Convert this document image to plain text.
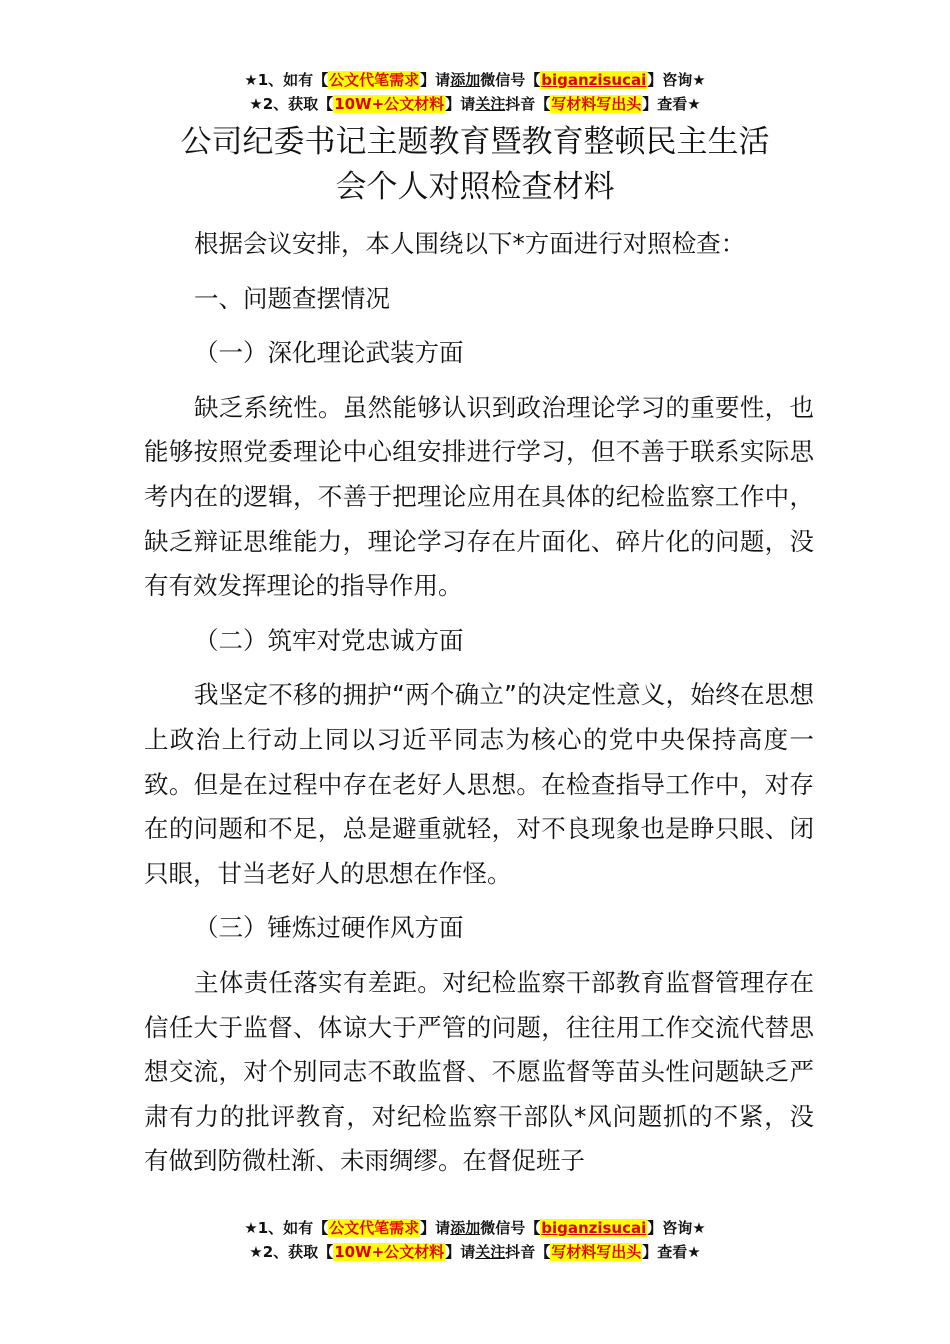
★1、如有【公文代笔需求】请添加微信号【biganzisucai】咨询★
★2、获取【10W+公文材料】请关注抖音【写材料写出头】查看★
公司纪委书记主题教育暨教育整顿民主生活
会个人对照检查材料

根据会议安排，本人围绕以下*方面进行对照检查：

一、问题查摆情况

（一）深化理论武装方面

缺乏系统性。虽然能够认识到政治理论学习的重要性，也能够按照党委理论中心组安排进行学习，但不善于联系实际思考内在的逻辑，不善于把理论应用在具体的纪检监察工作中，缺乏辩证思维能力，理论学习存在片面化、碎片化的问题，没有有效发挥理论的指导作用。

（二）筑牢对党忠诚方面

我坚定不移的拥护“两个确立”的决定性意义，始终在思想上政治上行动上同以习近平同志为核心的党中央保持高度一致。但是在过程中存在老好人思想。在检查指导工作中，对存在的问题和不足，总是避重就轻，对不良现象也是睁只眼、闭只眼，甘当老好人的思想在作怪。

（三）锤炼过硬作风方面

主体责任落实有差距。对纪检监察干部教育监督管理存在信任大于监督、体谅大于严管的问题，往往用工作交流代替思想交流，对个别同志不敢监督、不愿监督等苗头性问题缺乏严肃有力的批评教育，对纪检监察干部队*风问题抓的不紧，没有做到防微杜渐、未雨绸缪。在督促班子

★1、如有【公文代笔需求】请添加微信号【biganzisucai】咨询★
★2、获取【10W+公文材料】请关注抖音【写材料写出头】查看★
